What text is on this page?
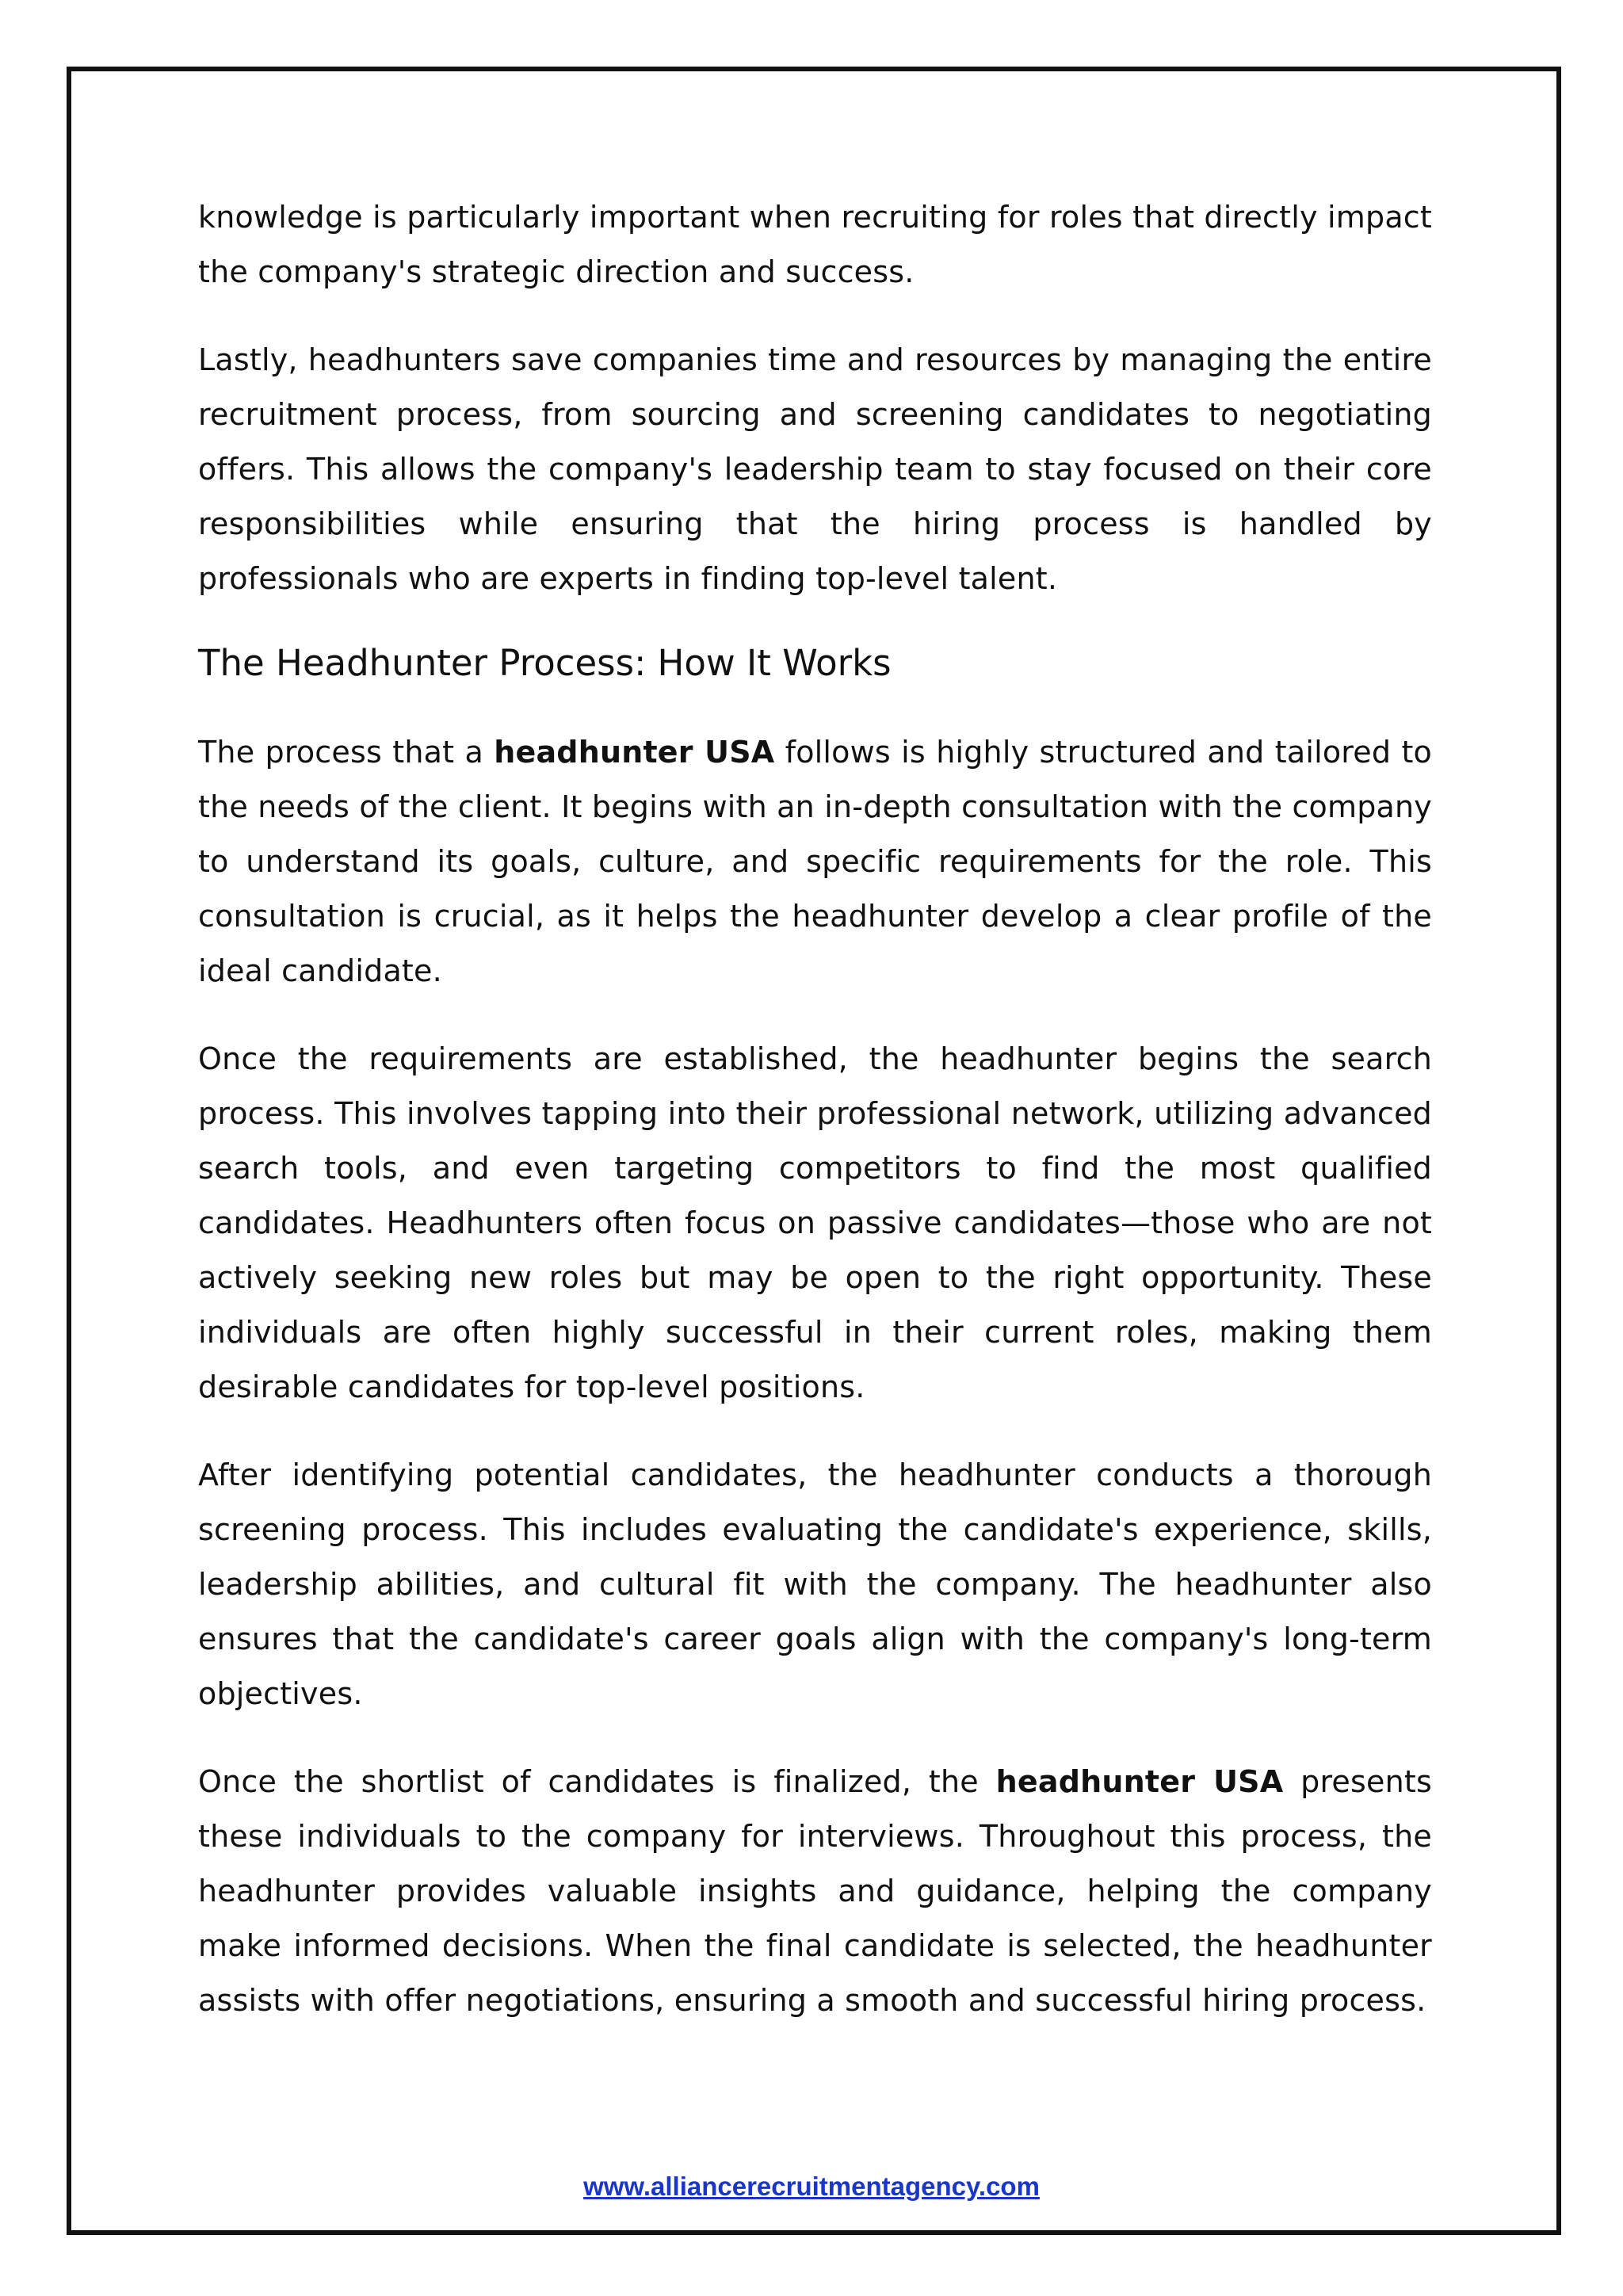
knowledge is particularly important when recruiting for roles that directly impact the company's strategic direction and success.

Lastly, headhunters save companies time and resources by managing the entire recruitment process, from sourcing and screening candidates to negotiating offers. This allows the company's leadership team to stay focused on their core responsibilities while ensuring that the hiring process is handled by professionals who are experts in finding top-level talent.

The Headhunter Process: How It Works

The process that a headhunter USA follows is highly structured and tailored to the needs of the client. It begins with an in-depth consultation with the company to understand its goals, culture, and specific requirements for the role. This consultation is crucial, as it helps the headhunter develop a clear profile of the ideal candidate.

Once the requirements are established, the headhunter begins the search process. This involves tapping into their professional network, utilizing advanced search tools, and even targeting competitors to find the most qualified candidates. Headhunters often focus on passive candidates—those who are not actively seeking new roles but may be open to the right opportunity. These individuals are often highly successful in their current roles, making them desirable candidates for top-level positions.

After identifying potential candidates, the headhunter conducts a thorough screening process. This includes evaluating the candidate's experience, skills, leadership abilities, and cultural fit with the company. The headhunter also ensures that the candidate's career goals align with the company's long-term objectives.

Once the shortlist of candidates is finalized, the headhunter USA presents these individuals to the company for interviews. Throughout this process, the headhunter provides valuable insights and guidance, helping the company make informed decisions. When the final candidate is selected, the headhunter assists with offer negotiations, ensuring a smooth and successful hiring process.

www.alliancerecruitmentagency.com
